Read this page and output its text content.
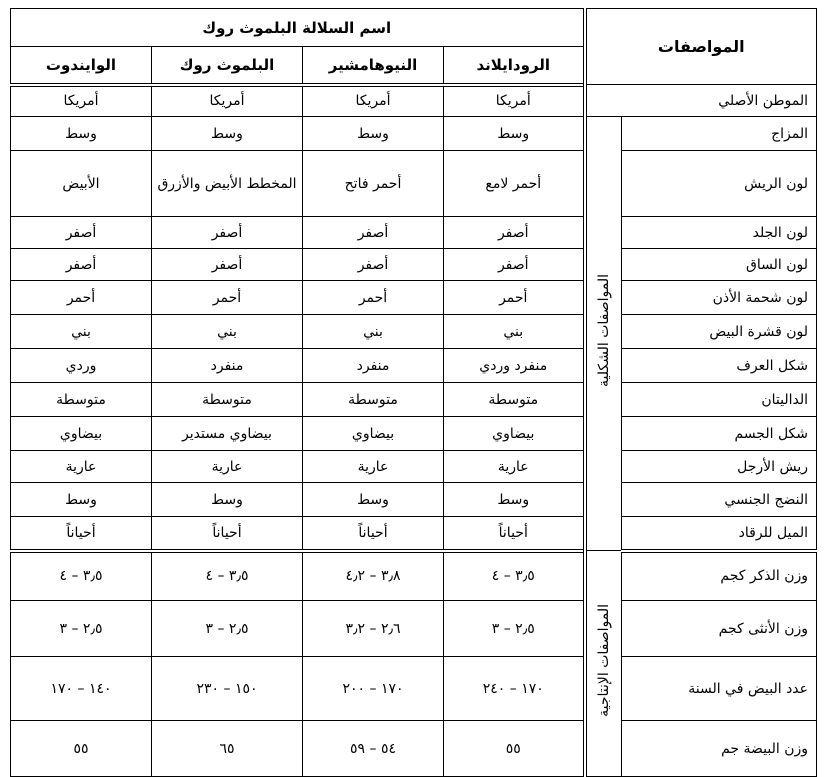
المواصفات		اسم السلالة البلموث روك			
		الرودايلاند	النيوهامشير	البلموث روك	الوايندوت
الموطن الأصلي		أمريكا	أمريكا	أمريكا	أمريكا
المزاج	المواصفات الشكلية	وسط	وسط	وسط	وسط
لون الريش		أحمر لامع	أحمر فاتح	المخطط الأبيض والأزرق	الأبيض
لون الجلد		أصفر	أصفر	أصفر	أصفر
لون الساق		أصفر	أصفر	أصفر	أصفر
لون شحمة الأذن		أحمر	أحمر	أحمر	أحمر
لون قشرة البيض		بني	بني	بني	بني
شكل العرف		منفرد وردي	منفرد	منفرد	وردي
الداليتان		متوسطة	متوسطة	متوسطة	متوسطة
شكل الجسم		بيضاوي	بيضاوي	بيضاوي مستدير	بيضاوي
ريش الأرجل		عارية	عارية	عارية	عارية
النضج الجنسي		وسط	وسط	وسط	وسط
الميل للرقاد		أحياناً	أحياناً	أحياناً	أحياناً
وزن الذكر كجم	المواصفات الإنتاجية	٣٫٥ – ٤	٣٫٨ – ٤٫٢	٣٫٥ – ٤	٣٫٥ – ٤
وزن الأنثى كجم		٢٫٥ – ٣	٢٫٦ – ٣٫٢	٢٫٥ – ٣	٢٫٥ – ٣
عدد البيض في السنة		١٧٠ – ٢٤٠	١٧٠ – ٢٠٠	١٥٠ – ٢٣٠	١٤٠ – ١٧٠
وزن البيضة جم		٥٥	٥٤ – ٥٩	٦٥	٥٥
